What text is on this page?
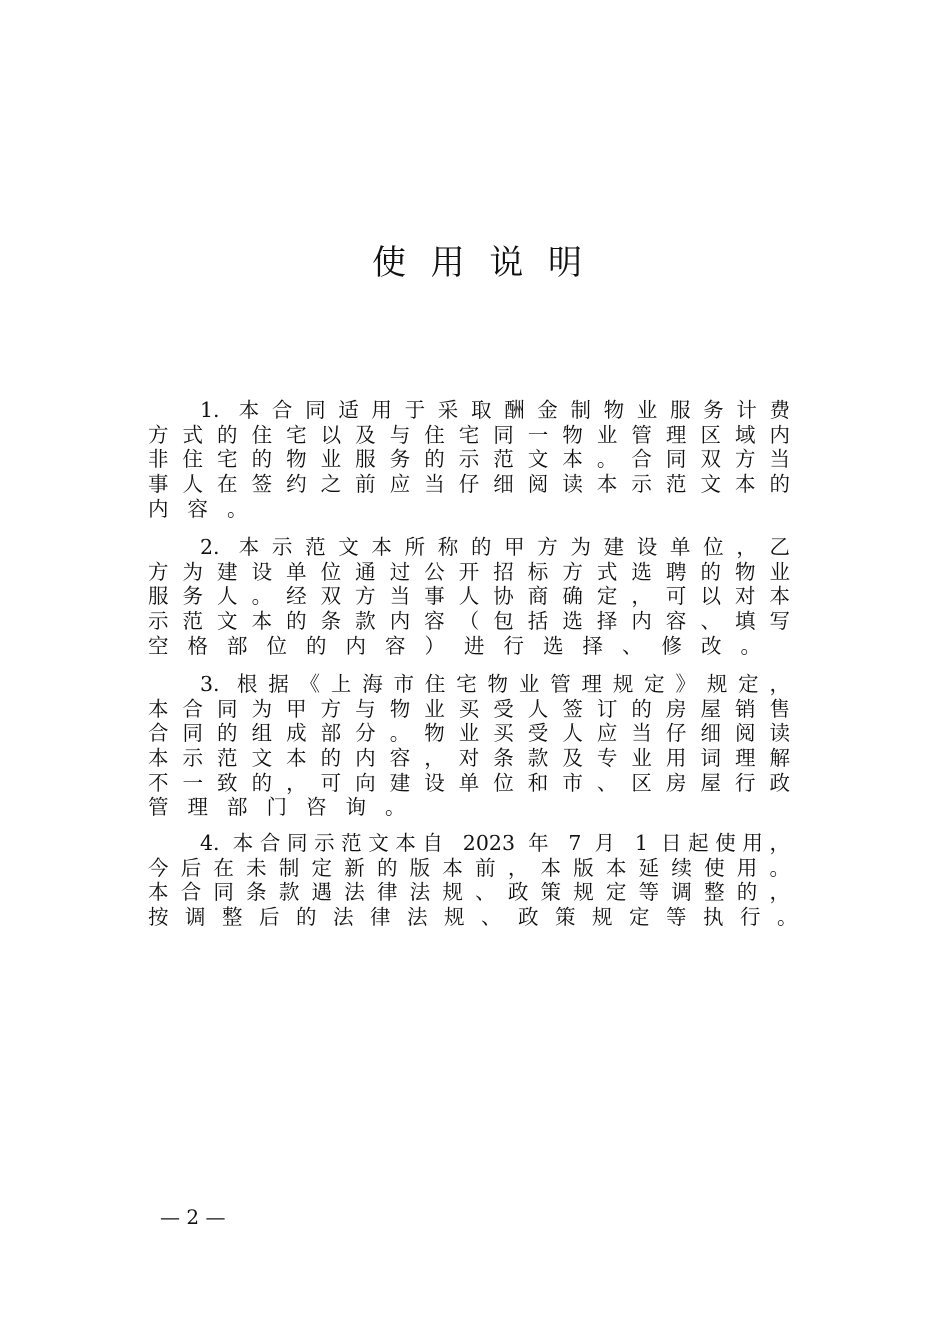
使用说明
1. 本合同适用于采取酬金制物业服务计费
方式的住宅以及与住宅同一物业管理区域内
非住宅的物业服务的示范文本。合同双方当
事人在签约之前应当仔细阅读本示范文本的
内容。
2. 本示范文本所称的甲方为建设单位，乙
方为建设单位通过公开招标方式选聘的物业
服务人。经双方当事人协商确定，可以对本
示范文本的条款内容（包括选择内容、填写
空格部位的内容）进行选择、修改。
3. 根据《上海市住宅物业管理规定》规定，
本合同为甲方与物业买受人签订的房屋销售
合同的组成部分。物业买受人应当仔细阅读
本示范文本的内容，对条款及专业用词理解
不一致的，可向建设单位和市、区房屋行政
管理部门咨询。
4. 本合同示范文本自 2023 年 7 月 1 日起使用，
今后在未制定新的版本前，本版本延续使用。
本合同条款遇法律法规、政策规定等调整的，
按调整后的法律法规、政策规定等执行。
— 2 —
